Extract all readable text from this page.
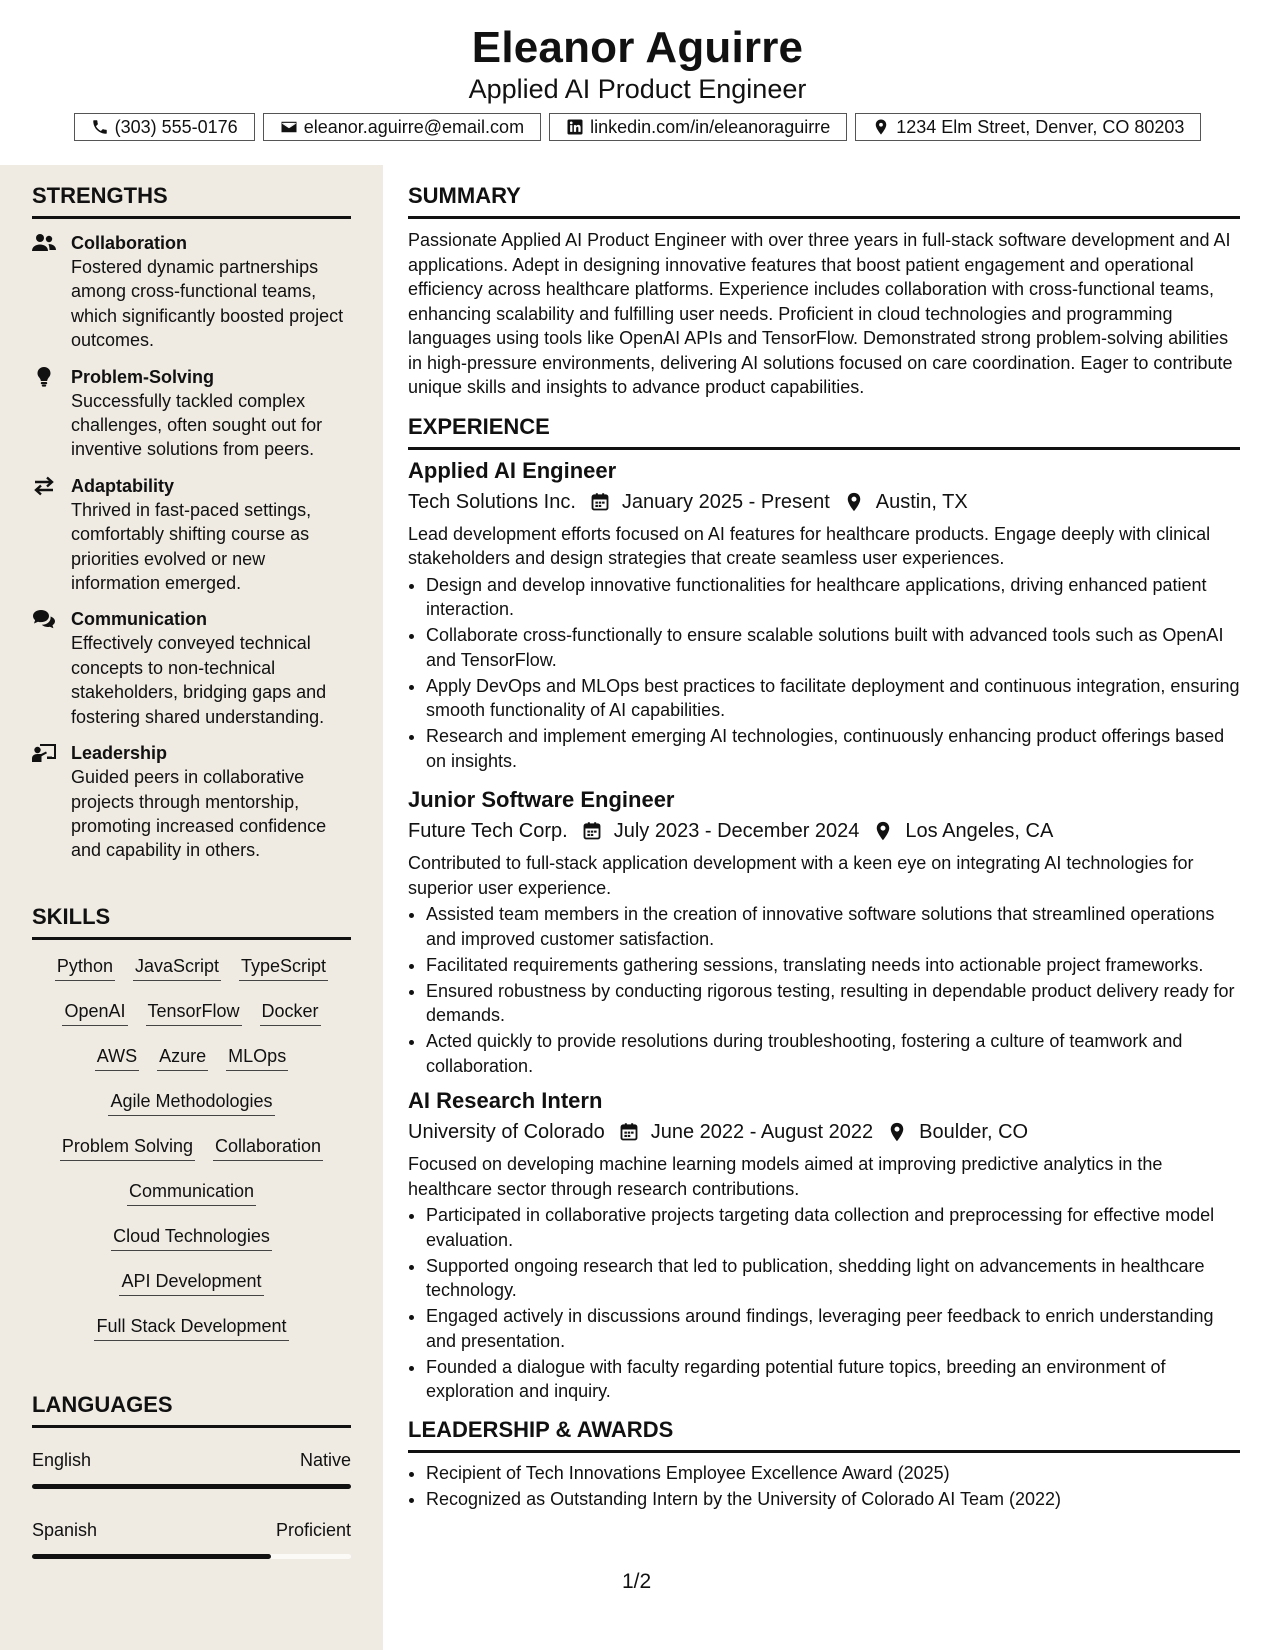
Eleanor Aguirre
Applied AI Product Engineer
(303) 555-0176	eleanor.aguirre@email.com	linkedin.com/in/eleanoraguirre	1234 Elm Street, Denver, CO 80203
STRENGTHS
Collaboration
Fostered dynamic partnerships among cross-functional teams, which significantly boosted project outcomes.
Problem-Solving
Successfully tackled complex challenges, often sought out for inventive solutions from peers.
Adaptability
Thrived in fast-paced settings, comfortably shifting course as priorities evolved or new information emerged.
Communication
Effectively conveyed technical concepts to non-technical stakeholders, bridging gaps and fostering shared understanding.
Leadership
Guided peers in collaborative projects through mentorship, promoting increased confidence and capability in others.
SKILLS
Python JavaScript TypeScript
OpenAI TensorFlow Docker
AWS Azure MLOps
Agile Methodologies
Problem Solving Collaboration
Communication
Cloud Technologies
API Development
Full Stack Development
LANGUAGES
English	Native
Spanish	Proficient
SUMMARY
Passionate Applied AI Product Engineer with over three years in full-stack software development and AI applications. Adept in designing innovative features that boost patient engagement and operational efficiency across healthcare platforms. Experience includes collaboration with cross-functional teams, enhancing scalability and fulfilling user needs. Proficient in cloud technologies and programming languages using tools like OpenAI APIs and TensorFlow. Demonstrated strong problem-solving abilities in high-pressure environments, delivering AI solutions focused on care coordination. Eager to contribute unique skills and insights to advance product capabilities.
EXPERIENCE
Applied AI Engineer
Tech Solutions Inc. January 2025 - Present Austin, TX
Lead development efforts focused on AI features for healthcare products. Engage deeply with clinical stakeholders and design strategies that create seamless user experiences.
• Design and develop innovative functionalities for healthcare applications, driving enhanced patient interaction.
• Collaborate cross-functionally to ensure scalable solutions built with advanced tools such as OpenAI and TensorFlow.
• Apply DevOps and MLOps best practices to facilitate deployment and continuous integration, ensuring smooth functionality of AI capabilities.
• Research and implement emerging AI technologies, continuously enhancing product offerings based on insights.
Junior Software Engineer
Future Tech Corp. July 2023 - December 2024 Los Angeles, CA
Contributed to full-stack application development with a keen eye on integrating AI technologies for superior user experience.
• Assisted team members in the creation of innovative software solutions that streamlined operations and improved customer satisfaction.
• Facilitated requirements gathering sessions, translating needs into actionable project frameworks.
• Ensured robustness by conducting rigorous testing, resulting in dependable product delivery ready for demands.
• Acted quickly to provide resolutions during troubleshooting, fostering a culture of teamwork and collaboration.
AI Research Intern
University of Colorado June 2022 - August 2022 Boulder, CO
Focused on developing machine learning models aimed at improving predictive analytics in the healthcare sector through research contributions.
• Participated in collaborative projects targeting data collection and preprocessing for effective model evaluation.
• Supported ongoing research that led to publication, shedding light on advancements in healthcare technology.
• Engaged actively in discussions around findings, leveraging peer feedback to enrich understanding and presentation.
• Founded a dialogue with faculty regarding potential future topics, breeding an environment of exploration and inquiry.
LEADERSHIP & AWARDS
• Recipient of Tech Innovations Employee Excellence Award (2025)
• Recognized as Outstanding Intern by the University of Colorado AI Team (2022)
1/2
